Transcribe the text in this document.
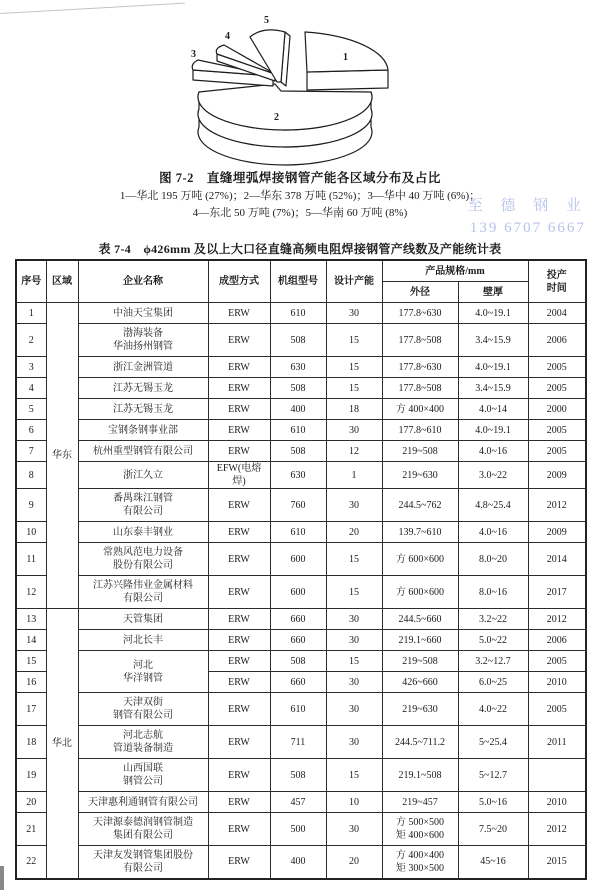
1
2
3
4
5
图 7-2　直缝埋弧焊接钢管产能各区域分布及占比
1—华北 195 万吨 (27%)；2—华东 378 万吨 (52%)；3—华中 40 万吨 (6%)；
4—东北 50 万吨 (7%)；5—华南 60 万吨 (8%)	至 德 钢 业
139 6707 6667
表 7-4　ϕ426mm 及以上大口径直缝高频电阻焊接钢管产线数及产能统计表
序号	区域	企业名称	成型方式	机组型号	设计产能	产品规格/mm		投产
时间
						外径	壁厚	
1	华东	中油天宝集团	ERW	610	30	177.8~630	4.0~19.1	2004
2		渤海装备
华油扬州钢管	ERW	508	15	177.8~508	3.4~15.9	2006
3		浙江金洲管道	ERW	630	15	177.8~630	4.0~19.1	2005
4		江苏无锡玉龙	ERW	508	15	177.8~508	3.4~15.9	2005
5		江苏无锡玉龙	ERW	400	18	方 400×400	4.0~14	2000
6		宝钢条钢事业部	ERW	610	30	177.8~610	4.0~19.1	2005
7		杭州重型钢管有限公司	ERW	508	12	219~508	4.0~16	2005
8		浙江久立	EFW(电熔焊)	630	1	219~630	3.0~22	2009
9		番禺珠江钢管
有限公司	ERW	760	30	244.5~762	4.8~25.4	2012
10		山东泰丰钢业	ERW	610	20	139.7~610	4.0~16	2009
11		常熟风范电力设备
股份有限公司	ERW	600	15	方 600×600	8.0~20	2014
12		江苏兴隆伟业金属材料
有限公司	ERW	600	15	方 600×600	8.0~16	2017
13	华北	天管集团	ERW	660	30	244.5~660	3.2~22	2012
14		河北长丰	ERW	660	30	219.1~660	5.0~22	2006
15		河北
华洋钢管	ERW	508	15	219~508	3.2~12.7	2005
16			ERW	660	30	426~660	6.0~25	2010
17		天津双街
钢管有限公司	ERW	610	30	219~630	4.0~22	2005
18		河北志航
管道装备制造	ERW	711	30	244.5~711.2	5~25.4	2011
19		山西国联
钢管公司	ERW	508	15	219.1~508	5~12.7	
20		天津惠利通钢管有限公司	ERW	457	10	219~457	5.0~16	2010
21		天津源泰德润钢管制造
集团有限公司	ERW	500	30	方 500×500
矩 400×600	7.5~20	2012
22		天津友发钢管集团股份
有限公司	ERW	400	20	方 400×400
矩 300×500	45~16	2015
